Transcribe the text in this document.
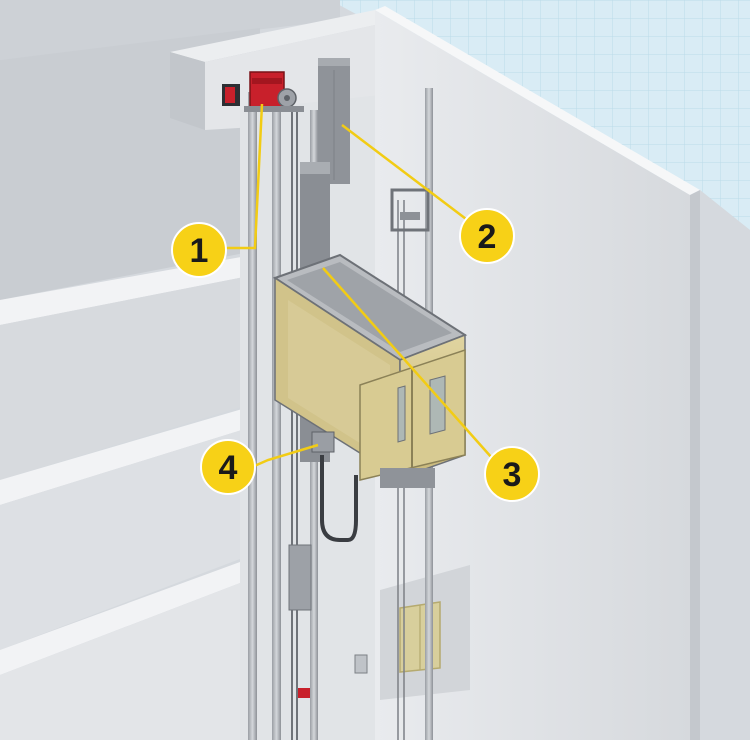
1	2
3
4
